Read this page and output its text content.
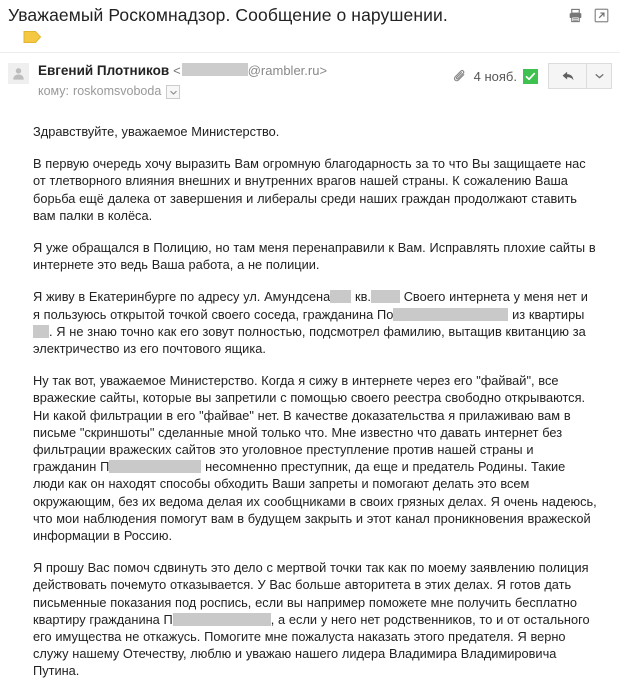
Уважаемый Роскомнадзор. Сообщение о нарушении.
Евгений Плотников <	@rambler.ru>
кому: roskomsvoboda
4 нояб.

Здравствуйте, уважаемое Министерство.

В первую очередь хочу выразить Вам огромную благодарность за то что Вы защищаете нас от тлетворного влияния внешних и внутренних врагов нашей страны. К сожалению Ваша борьба ещё далека от завершения и либералы среди наших граждан продолжают ставить вам палки в колёса.

Я уже обращался в Полицию, но там меня перенаправили к Вам. Исправлять плохие сайты в интернете это ведь Ваша работа, а не полиции.

Я живу в Екатеринбурге по адресу ул. Амундсена кв.	Своего интернета у меня нет и я пользуюсь открытой точкой своего соседа, гражданина По	из квартиры. Я не знаю точно как его зовут полностью, подсмотрел фамилию, вытащив квитанцию за электричество из его почтового ящика.

Ну так вот, уважаемое Министерство. Когда я сижу в интернете через его "файвай", все вражеские сайты, которые вы запретили с помощью своего реестра свободно открываются. Ни какой фильтрации в его "файвае" нет. В качестве доказательства я прилаживаю вам в письме "скриншоты" сделанные мной только что. Мне известно что давать интернет без фильтрации вражеских сайтов это уголовное преступление против нашей страны и гражданин П	несомненно преступник, да еще и предатель Родины. Такие люди как он находят способы обходить Ваши запреты и помогают делать это всем окружающим, без их ведома делая их сообщниками в своих грязных делах. Я очень надеюсь, что мои наблюдения помогут вам в будущем закрыть и этот канал проникновения вражеской информации в Россию.

Я прошу Вас помоч сдвинуть это дело с мертвой точки так как по моему заявлению полиция действовать почемуто отказывается. У Вас больше авторитета в этих делах. Я готов дать письменные показания под роспись, если вы например поможете мне получить бесплатно квартиру гражданина П	, а если у него нет родственников, то и от остального его имущества не откажусь. Помогите мне пожалуста наказать этого предателя. Я верно служу нашему Отечеству, люблю и уважаю нашего лидера Владимира Владимировича Путина.
